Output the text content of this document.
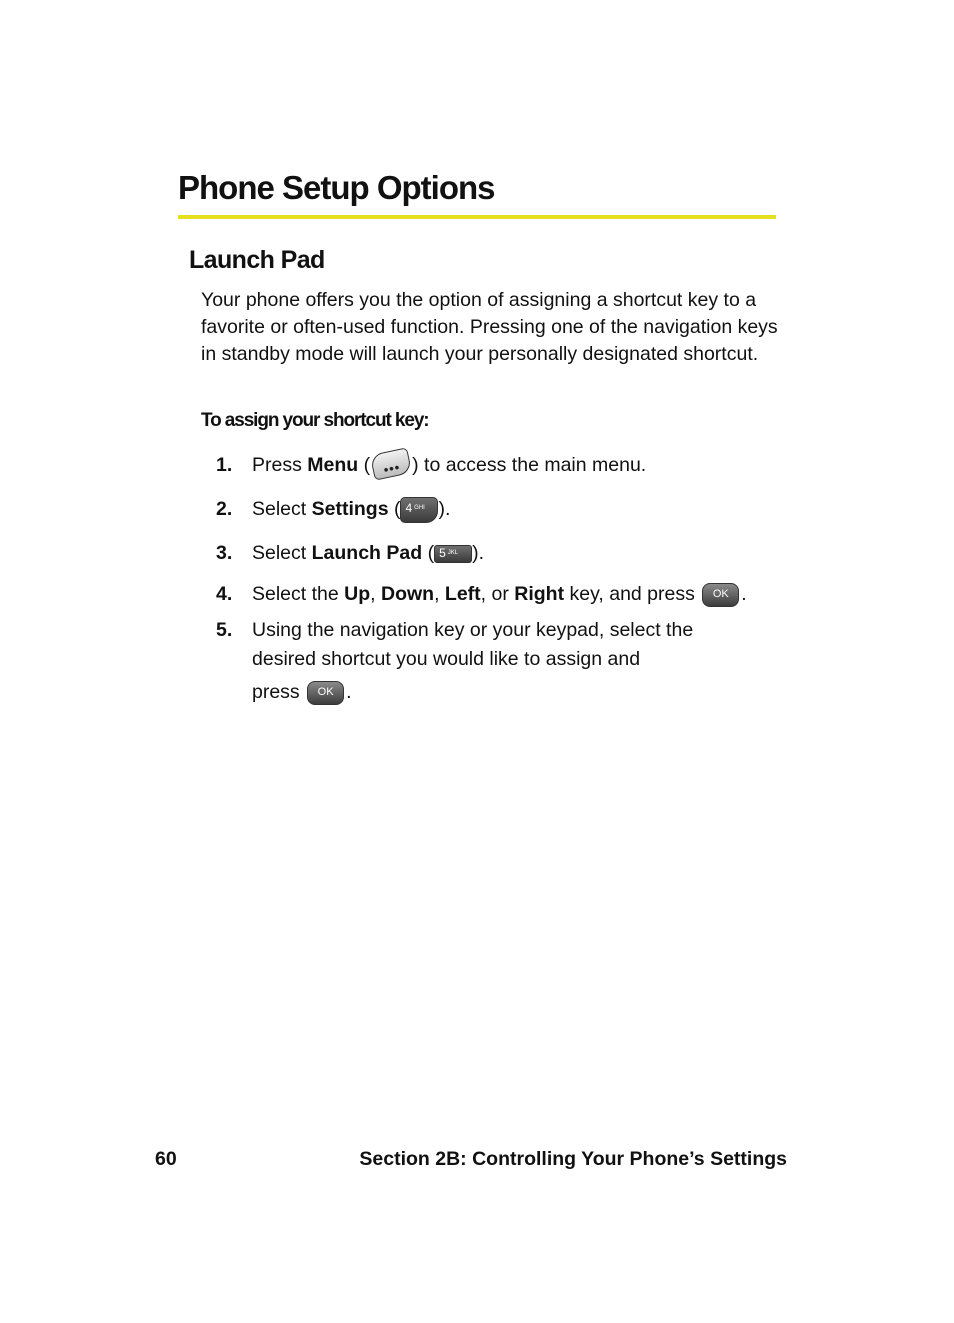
Phone Setup Options
Launch Pad

Your phone offers you the option of assigning a shortcut key to a favorite or often-used function. Pressing one of the navigation keys in standby mode will launch your personally designated shortcut.

To assign your shortcut key:

1. Press Menu ( ••• ) to access the main menu.
2. Select Settings ( 4 GHI ).
3. Select Launch Pad ( 5 JKL ).
4. Select the Up, Down, Left, or Right key, and press OK .
5. Using the navigation key or your keypad, select the
desired shortcut you would like to assign and
press OK .
60	Section 2B: Controlling Your Phone’s Settings
